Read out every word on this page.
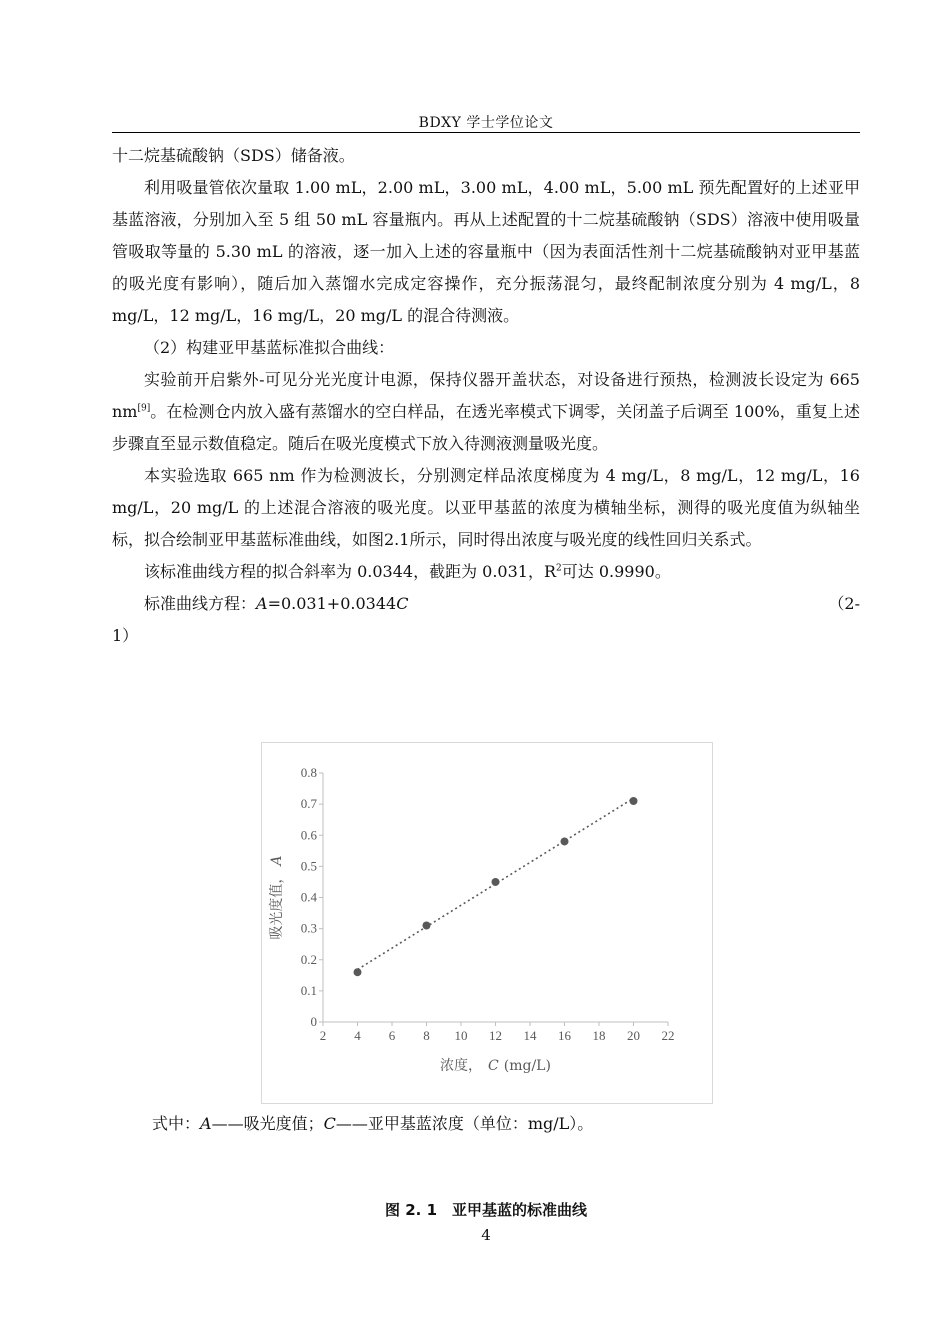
BDXY 学士学位论文

十二烷基硫酸钠（SDS）储备液。

利用吸量管依次量取 1.00 mL，2.00 mL，3.00 mL，4.00 mL，5.00 mL 预先配置好的上述亚甲基蓝溶液，分别加入至 5 组 50 mL 容量瓶内。再从上述配置的十二烷基硫酸钠（SDS）溶液中使用吸量管吸取等量的 5.30 mL 的溶液，逐一加入上述的容量瓶中（因为表面活性剂十二烷基硫酸钠对亚甲基蓝的吸光度有影响），随后加入蒸馏水完成定容操作，充分振荡混匀，最终配制浓度分别为 4 mg/L，8 mg/L，12 mg/L，16 mg/L，20 mg/L 的混合待测液。

（2）构建亚甲基蓝标准拟合曲线：

实验前开启紫外-可见分光光度计电源，保持仪器开盖状态，对设备进行预热，检测波长设定为 665 nm[9]。在检测仓内放入盛有蒸馏水的空白样品，在透光率模式下调零，关闭盖子后调至 100%，重复上述步骤直至显示数值稳定。随后在吸光度模式下放入待测液测量吸光度。

本实验选取 665 nm 作为检测波长，分别测定样品浓度梯度为 4 mg/L，8 mg/L，12 mg/L，16 mg/L，20 mg/L 的上述混合溶液的吸光度。以亚甲基蓝的浓度为横轴坐标，测得的吸光度值为纵轴坐标，拟合绘制亚甲基蓝标准曲线，如图2.1所示，同时得出浓度与吸光度的线性回归关系式。

该标准曲线方程的拟合斜率为 0.0344，截距为 0.031，$R^2$可达 0.9990。

标准曲线方程：A=0.031+0.0344C	（2-

1）

0
0.1
0.2
0.3
0.4
0.5
0.6
0.7
0.8
2 4 6 8 10 12 14 16 18 20 22
浓度， C (mg/L)
吸光度值，A

式中：A——吸光度值；C——亚甲基蓝浓度（单位：mg/L）。

图 2. 1　亚甲基蓝的标准曲线
4
